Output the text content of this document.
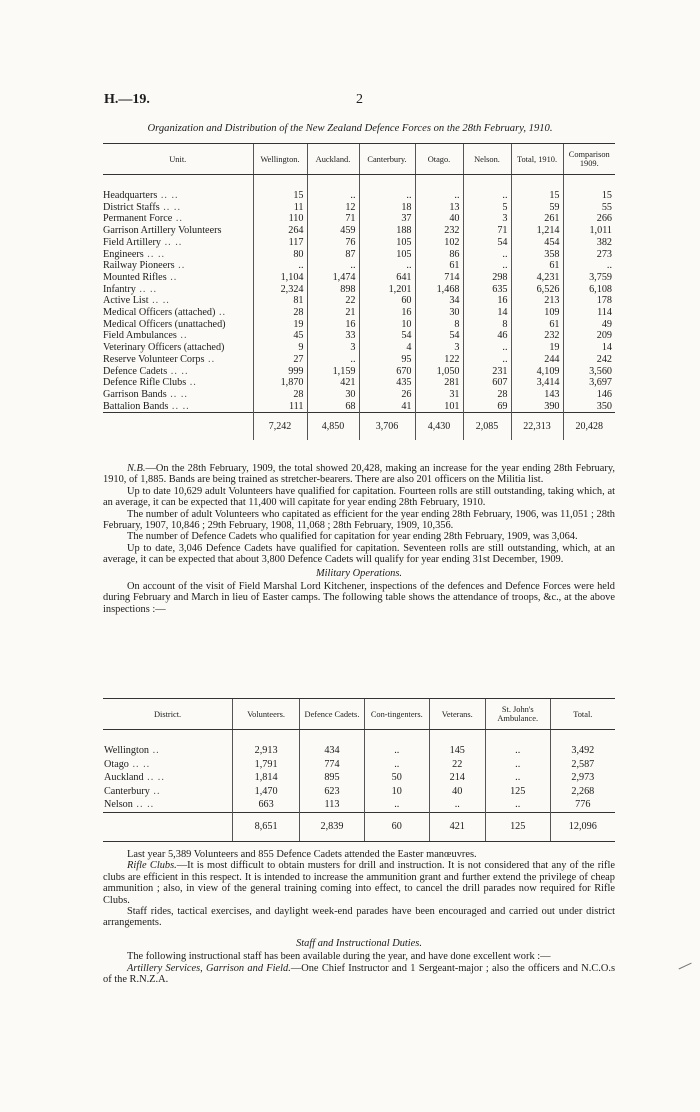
H.—19.	2
Organization and Distribution of the New Zealand Defence Forces on the 28th February, 1910.
Unit.	Wellington.	Auckland.	Canterbury.	Otago.	Nelson.	Total, 1910.	Comparison 1909.

Headquarters .. ..	15	..	..	..	..	15	15
District Staffs .. ..	11	12	18	13	5	59	55
Permanent Force ..	110	71	37	40	3	261	266
Garrison Artillery Volunteers	264	459	188	232	71	1,214	1,011
Field Artillery .. ..	117	76	105	102	54	454	382
Engineers .. ..	80	87	105	86	..	358	273
Railway Pioneers ..	..	..	..	61	..	61	..
Mounted Rifles ..	1,104	1,474	641	714	298	4,231	3,759
Infantry .. ..	2,324	898	1,201	1,468	635	6,526	6,108
Active List .. ..	81	22	60	34	16	213	178
Medical Officers (attached) ..	28	21	16	30	14	109	114
Medical Officers (unattached)	19	16	10	8	8	61	49
Field Ambulances ..	45	33	54	54	46	232	209
Veterinary Officers (attached)	9	3	4	3	..	19	14
Reserve Volunteer Corps ..	27	..	95	122	..	244	242
Defence Cadets .. ..	999	1,159	670	1,050	231	4,109	3,560
Defence Rifle Clubs ..	1,870	421	435	281	607	3,414	3,697
Garrison Bands .. ..	28	30	26	31	28	143	146
Battalion Bands .. ..	111	68	41	101	69	390	350
	7,242	4,850	3,706	4,430	2,085	22,313	20,428

N.B.—On the 28th February, 1909, the total showed 20,428, making an increase for the year ending 28th February, 1910, of 1,885. Bands are being trained as stretcher-bearers. There are also 201 officers on the Militia list.

Up to date 10,629 adult Volunteers have qualified for capitation. Fourteen rolls are still outstanding, taking which, at an average, it can be expected that 11,400 will capitate for year ending 28th February, 1910.

The number of adult Volunteers who capitated as efficient for the year ending 28th February, 1906, was 11,051 ; 28th February, 1907, 10,846 ; 29th February, 1908, 11,068 ; 28th February, 1909, 10,356.

The number of Defence Cadets who qualified for capitation for year ending 28th February, 1909, was 3,064.

Up to date, 3,046 Defence Cadets have qualified for capitation. Seventeen rolls are still outstanding, which, at an average, it can be expected that about 3,800 Defence Cadets will qualify for year ending 31st December, 1909.

Military Operations.

On account of the visit of Field Marshal Lord Kitchener, inspections of the defences and Defence Forces were held during February and March in lieu of Easter camps. The following table shows the attendance of troops, &c., at the above inspections :—

District.	Volunteers.	Defence Cadets.	Con-tingenters.	Veterans.	St. John's Ambulance.	Total.

Wellington ..	2,913	434	..	145	..	3,492
Otago .. ..	1,791	774	..	22	..	2,587
Auckland .. ..	1,814	895	50	214	..	2,973
Canterbury ..	1,470	623	10	40	125	2,268
Nelson .. ..	663	113	..	..	..	776
	8,651	2,839	60	421	125	12,096

Last year 5,389 Volunteers and 855 Defence Cadets attended the Easter manœuvres.

Rifle Clubs.—It is most difficult to obtain musters for drill and instruction. It is not considered that any of the rifle clubs are efficient in this respect. It is intended to increase the ammunition grant and further extend the privilege of cheap ammunition ; also, in view of the general training coming into effect, to cancel the drill parades now required for Rifle Clubs.

Staff rides, tactical exercises, and daylight week-end parades have been encouraged and carried out under district arrangements.

Staff and Instructional Duties.

The following instructional staff has been available during the year, and have done excellent work :—

Artillery Services, Garrison and Field.—One Chief Instructor and 1 Sergeant-major ; also the officers and N.C.O.s of the R.N.Z.A.
